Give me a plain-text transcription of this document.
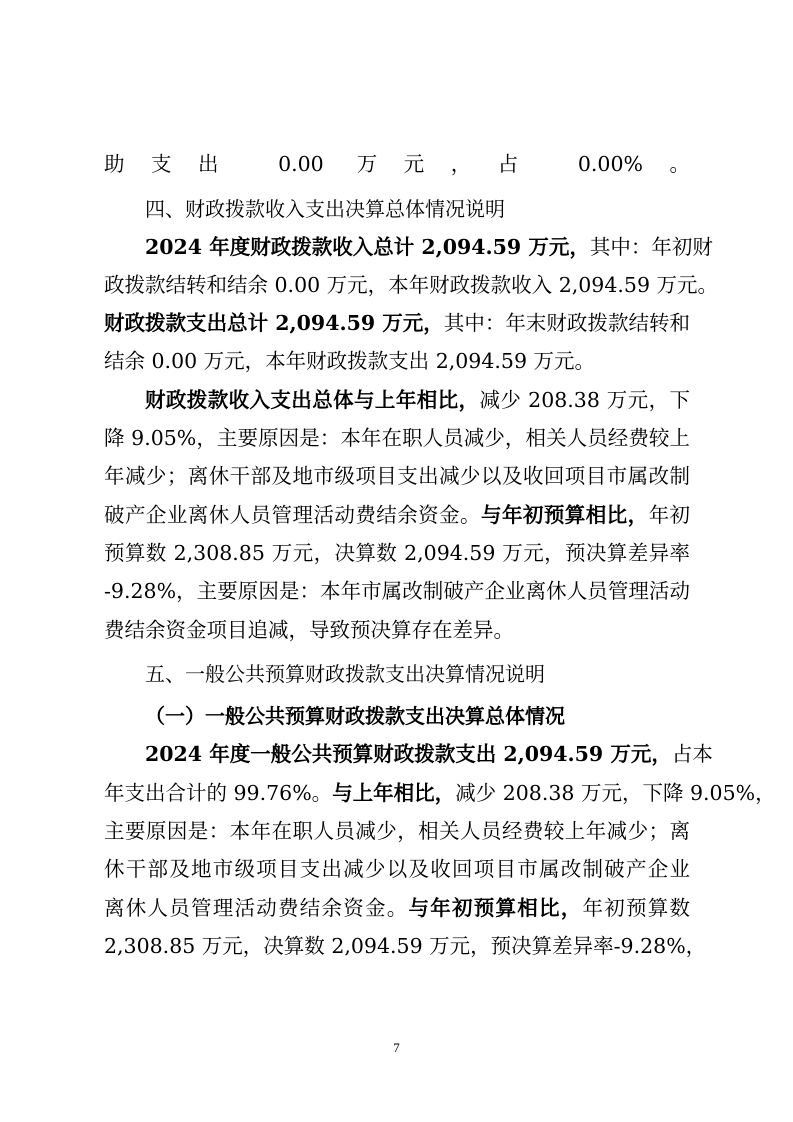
助支出 0.00 万元，占 0.00%。
四、财政拨款收入支出决算总体情况说明
2024 年度财政拨款收入总计 2,094.59 万元，其中：年初财
政拨款结转和结余 0.00 万元，本年财政拨款收入 2,094.59 万元。
财政拨款支出总计 2,094.59 万元，其中：年末财政拨款结转和
结余 0.00 万元，本年财政拨款支出 2,094.59 万元。
财政拨款收入支出总体与上年相比，减少 208.38 万元，下
降 9.05%，主要原因是：本年在职人员减少，相关人员经费较上
年减少；离休干部及地市级项目支出减少以及收回项目市属改制
破产企业离休人员管理活动费结余资金。与年初预算相比，年初
预算数 2,308.85 万元，决算数 2,094.59 万元，预决算差异率
-9.28%，主要原因是：本年市属改制破产企业离休人员管理活动
费结余资金项目追减，导致预决算存在差异。
五、一般公共预算财政拨款支出决算情况说明
（一）一般公共预算财政拨款支出决算总体情况
2024 年度一般公共预算财政拨款支出 2,094.59 万元，占本
年支出合计的 99.76%。与上年相比，减少 208.38 万元，下降 9.05%，
主要原因是：本年在职人员减少，相关人员经费较上年减少；离
休干部及地市级项目支出减少以及收回项目市属改制破产企业
离休人员管理活动费结余资金。与年初预算相比，年初预算数
2,308.85 万元，决算数 2,094.59 万元，预决算差异率-9.28%，
7
